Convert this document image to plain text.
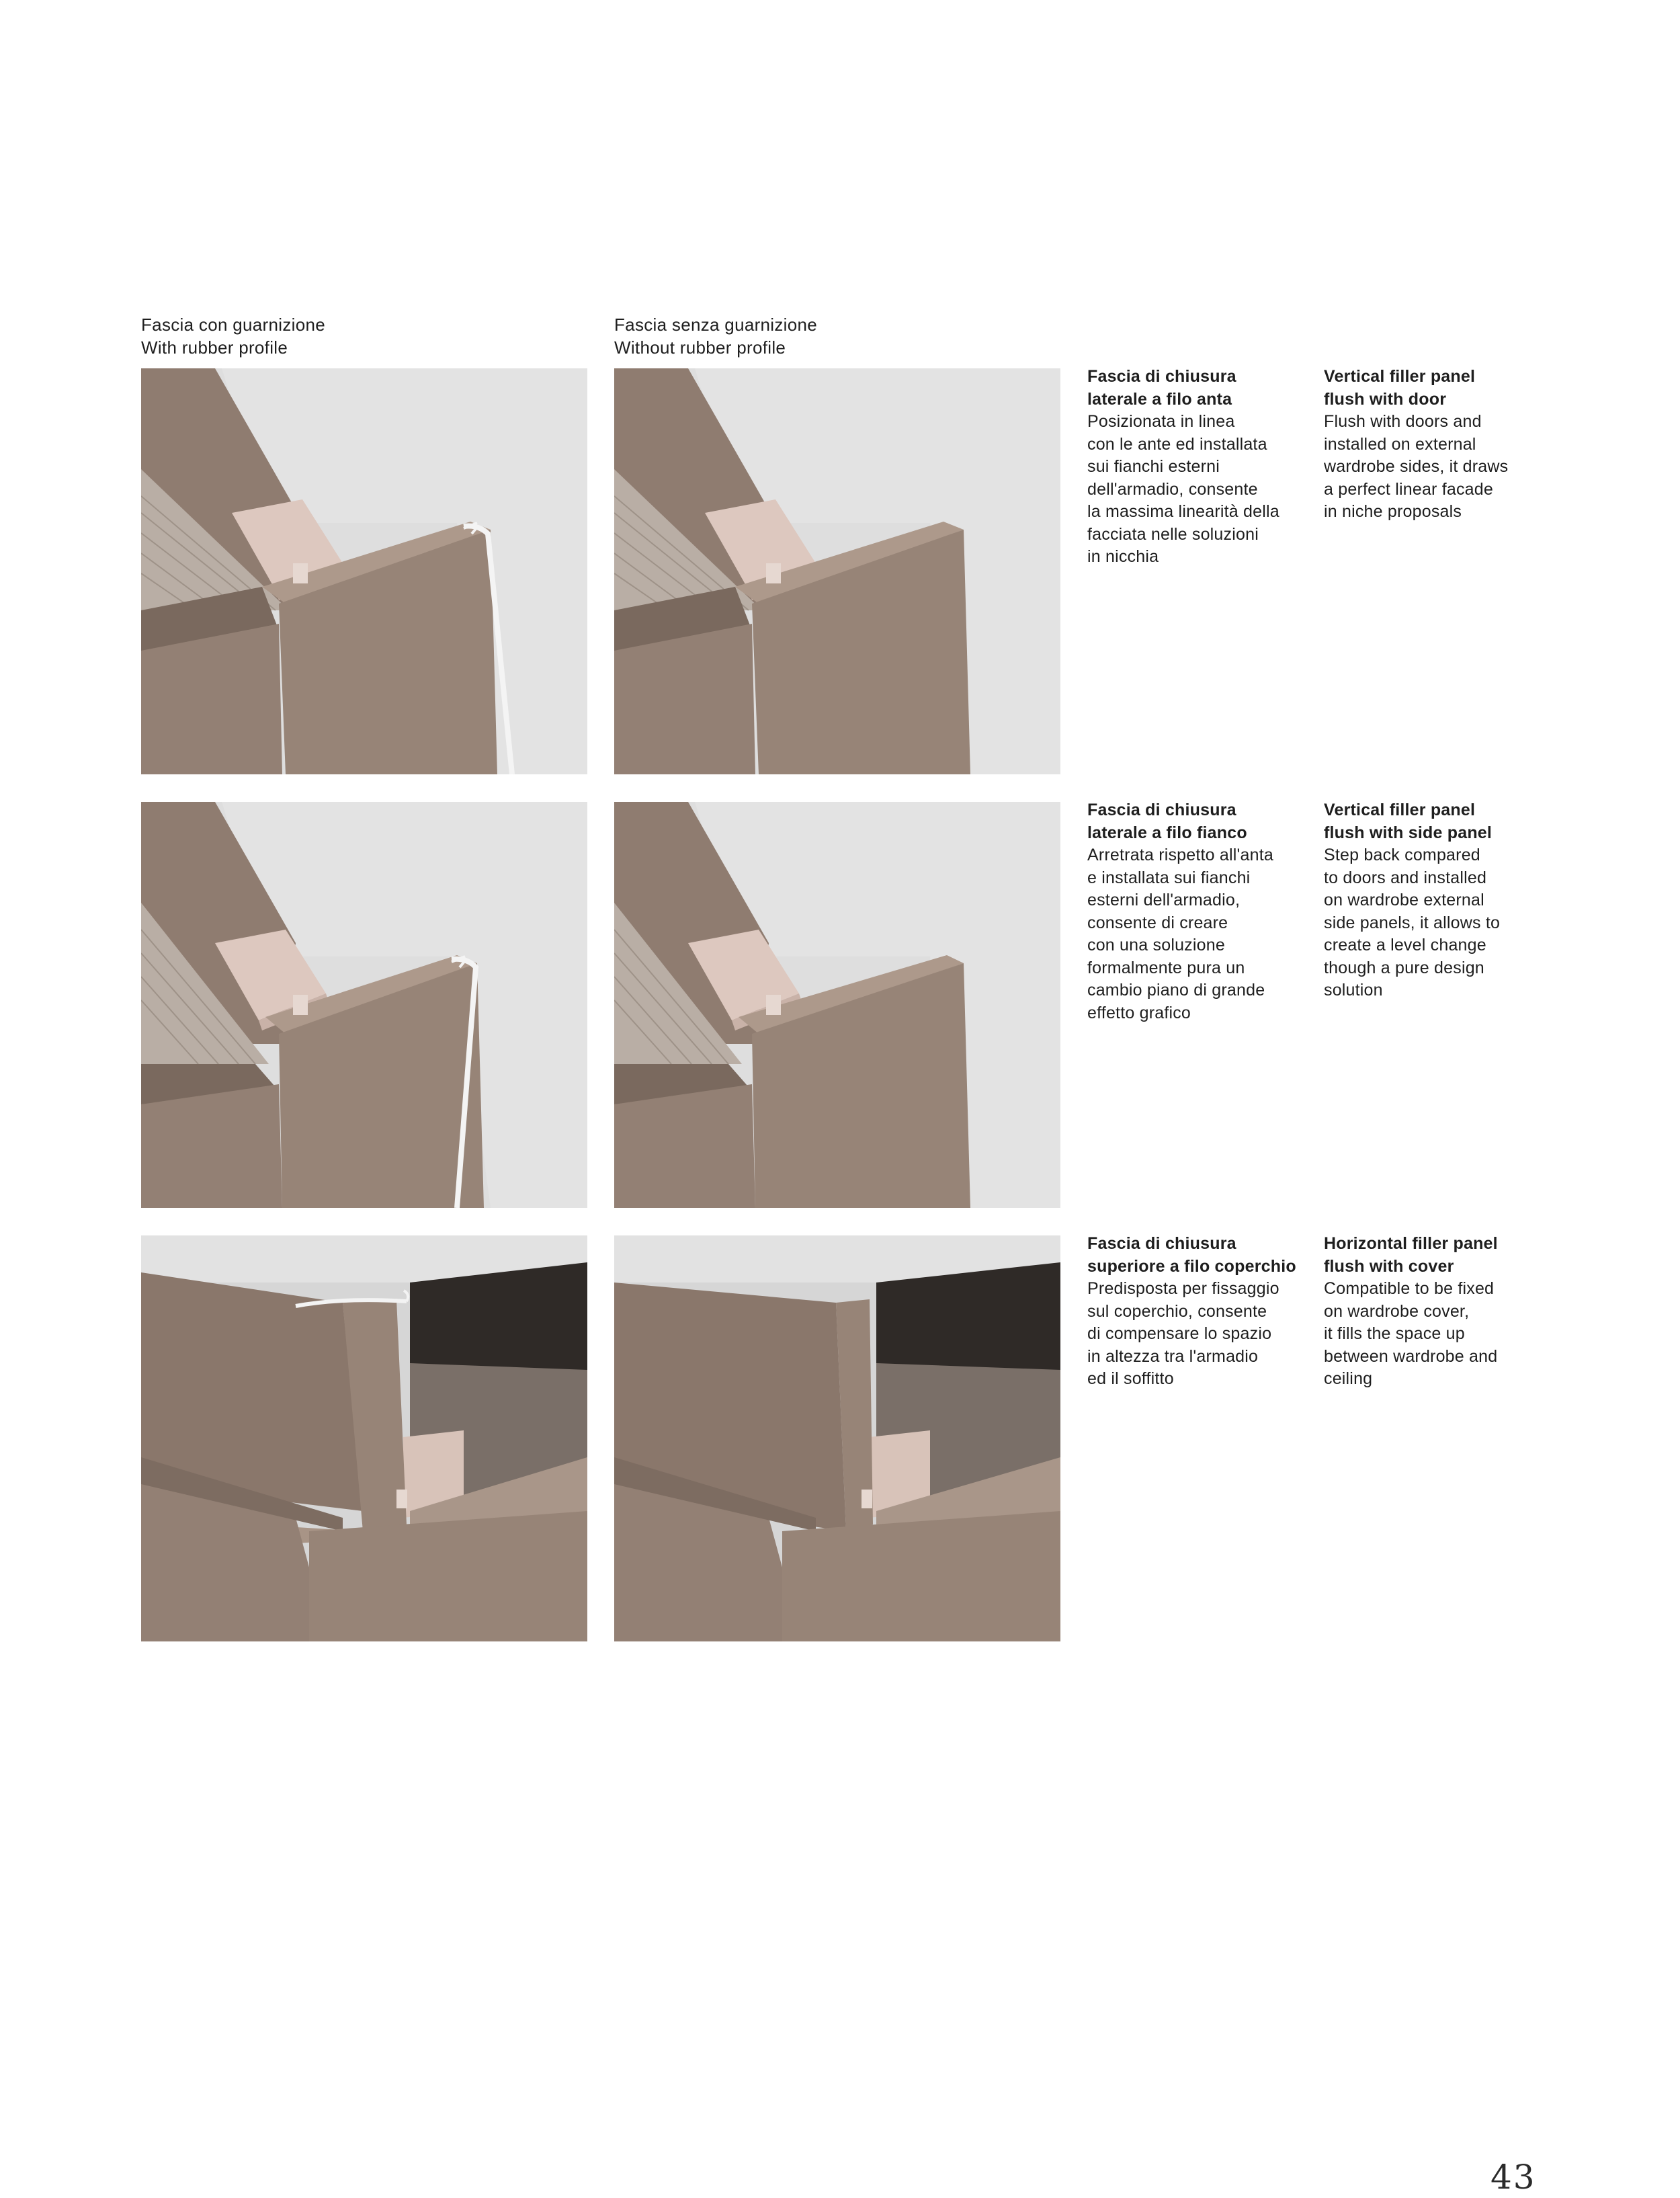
Fascia con guarnizione
With rubber profile
Fascia senza guarnizione
Without rubber profile
Fascia di chiusura
laterale a filo anta
Posizionata in linea
con le ante ed installata
sui fianchi esterni
dell'armadio, consente
la massima linearità della
facciata nelle soluzioni
in nicchia
Vertical filler panel
flush with door
Flush with doors and
installed on external
wardrobe sides, it draws
a perfect linear facade
in niche proposals
Fascia di chiusura
laterale a filo fianco
Arretrata rispetto all'anta
e installata sui fianchi
esterni dell'armadio,
consente di creare
con una soluzione
formalmente pura un
cambio piano di grande
effetto grafico
Vertical filler panel
flush with side panel
Step back compared
to doors and installed
on wardrobe external
side panels, it allows to
create a level change
though a pure design
solution
Fascia di chiusura
superiore a filo coperchio
Predisposta per fissaggio
sul coperchio, consente
di compensare lo spazio
in altezza tra l'armadio
ed il soffitto
Horizontal filler panel
flush with cover
Compatible to be fixed
on wardrobe cover,
it fills the space up
between wardrobe and
ceiling
43
